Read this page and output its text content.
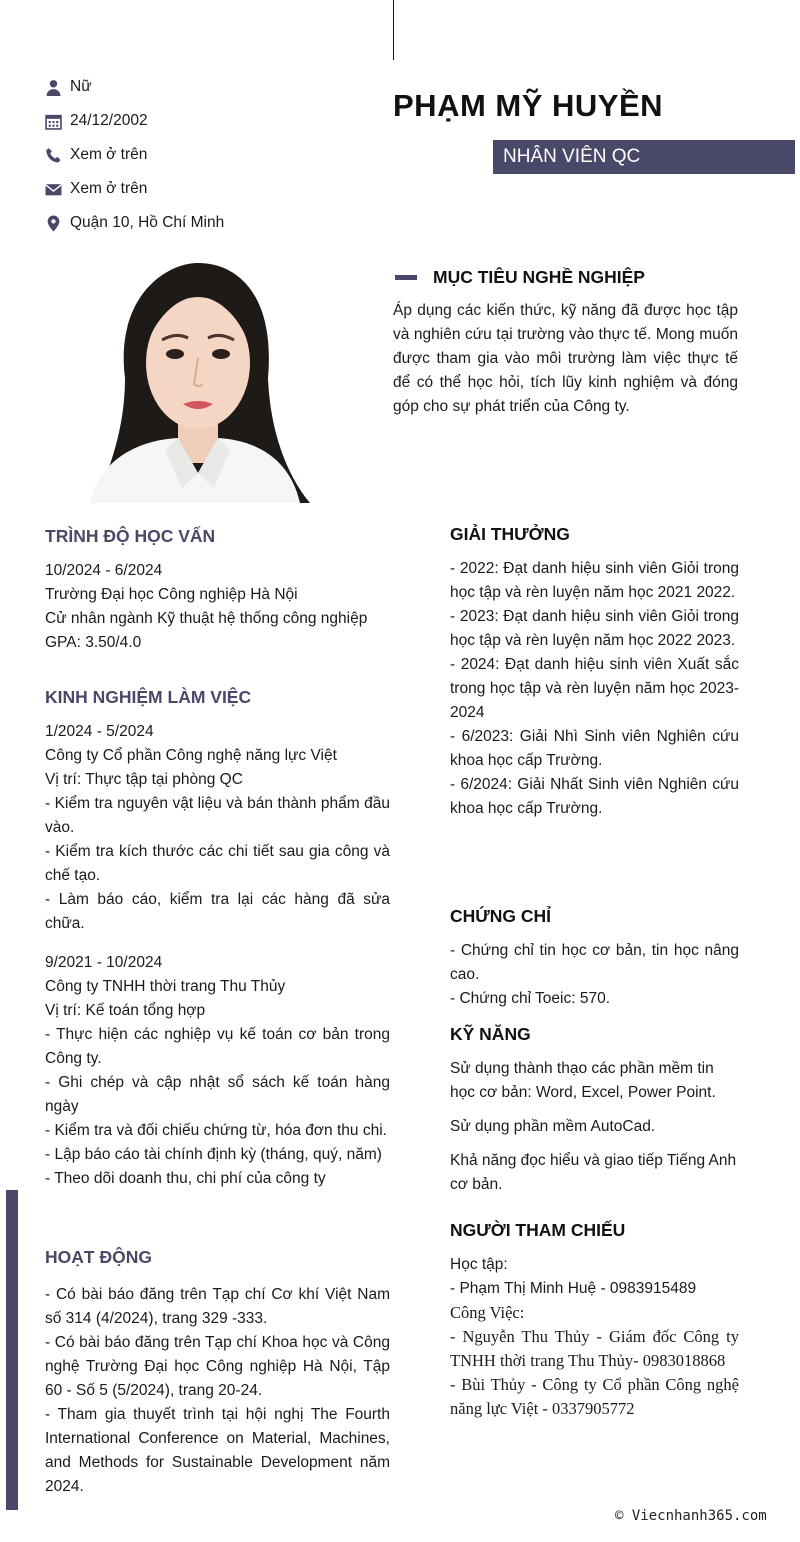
Nữ
24/12/2002
Xem ở trên
Xem ở trên
Quận 10, Hồ Chí Minh
PHẠM MỸ HUYỀN
NHÂN VIÊN QC
MỤC TIÊU NGHỀ NGHIỆP
Áp dụng các kiến thức, kỹ năng đã được học tập và nghiên cứu tại trường vào thực tế. Mong muốn được tham gia vào môi trường làm việc thực tế để có thể học hỏi, tích lũy kinh nghiệm và đóng góp cho sự phát triển của Công ty.
TRÌNH ĐỘ HỌC VẤN
10/2024 - 6/2024
Trường Đại học Công nghiệp Hà Nội
Cử nhân ngành Kỹ thuật hệ thống công nghiệp
GPA: 3.50/4.0
KINH NGHIỆM LÀM VIỆC
1/2024 - 5/2024
Công ty Cổ phần Công nghệ năng lực Việt
Vị trí: Thực tập tại phòng QC
- Kiểm tra nguyên vật liệu và bán thành phẩm đầu vào.
- Kiểm tra kích thước các chi tiết sau gia công và chế tạo.
- Làm báo cáo, kiểm tra lại các hàng đã sửa chữa.
9/2021 - 10/2024
Công ty TNHH thời trang Thu Thủy
Vị trí: Kế toán tổng hợp
- Thực hiện các nghiệp vụ kế toán cơ bản trong Công ty.
- Ghi chép và cập nhật sổ sách kế toán hàng ngày
- Kiểm tra và đối chiếu chứng từ, hóa đơn thu chi.
- Lập báo cáo tài chính định kỳ (tháng, quý, năm)
- Theo dõi doanh thu, chi phí của công ty
HOẠT ĐỘNG
- Có bài báo đăng trên Tạp chí Cơ khí Việt Nam số 314 (4/2024), trang 329 -333.
- Có bài báo đăng trên Tạp chí Khoa học và Công nghệ Trường Đại học Công nghiệp Hà Nội, Tập 60 - Số 5 (5/2024), trang 20-24.
- Tham gia thuyết trình tại hội nghị The Fourth International Conference on Material, Machines, and Methods for Sustainable Development năm 2024.
GIẢI THƯỞNG
- 2022: Đạt danh hiệu sinh viên Giỏi trong học tập và rèn luyện năm học 2021 2022.
- 2023: Đạt danh hiệu sinh viên Giỏi trong học tập và rèn luyện năm học 2022 2023.
- 2024: Đạt danh hiệu sinh viên Xuất sắc trong học tập và rèn luyện năm học 2023- 2024
- 6/2023: Giải Nhì Sinh viên Nghiên cứu khoa học cấp Trường.
- 6/2024: Giải Nhất Sinh viên Nghiên cứu khoa học cấp Trường.
CHỨNG CHỈ
- Chứng chỉ tin học cơ bản, tin học nâng cao.
- Chứng chỉ Toeic: 570.
KỸ NĂNG
Sử dụng thành thạo các phần mềm tin học cơ bản: Word, Excel, Power Point.
Sử dụng phần mềm AutoCad.
Khả năng đọc hiểu và giao tiếp Tiếng Anh cơ bản.
NGƯỜI THAM CHIẾU
Học tập:
- Phạm Thị Minh Huệ - 0983915489
Công Việc:
- Nguyễn Thu Thủy - Giám đốc Công ty TNHH thời trang Thu Thủy- 0983018868
- Bùi Thủy - Công ty Cổ phần Công nghệ năng lực Việt - 0337905772
© Viecnhanh365.com
